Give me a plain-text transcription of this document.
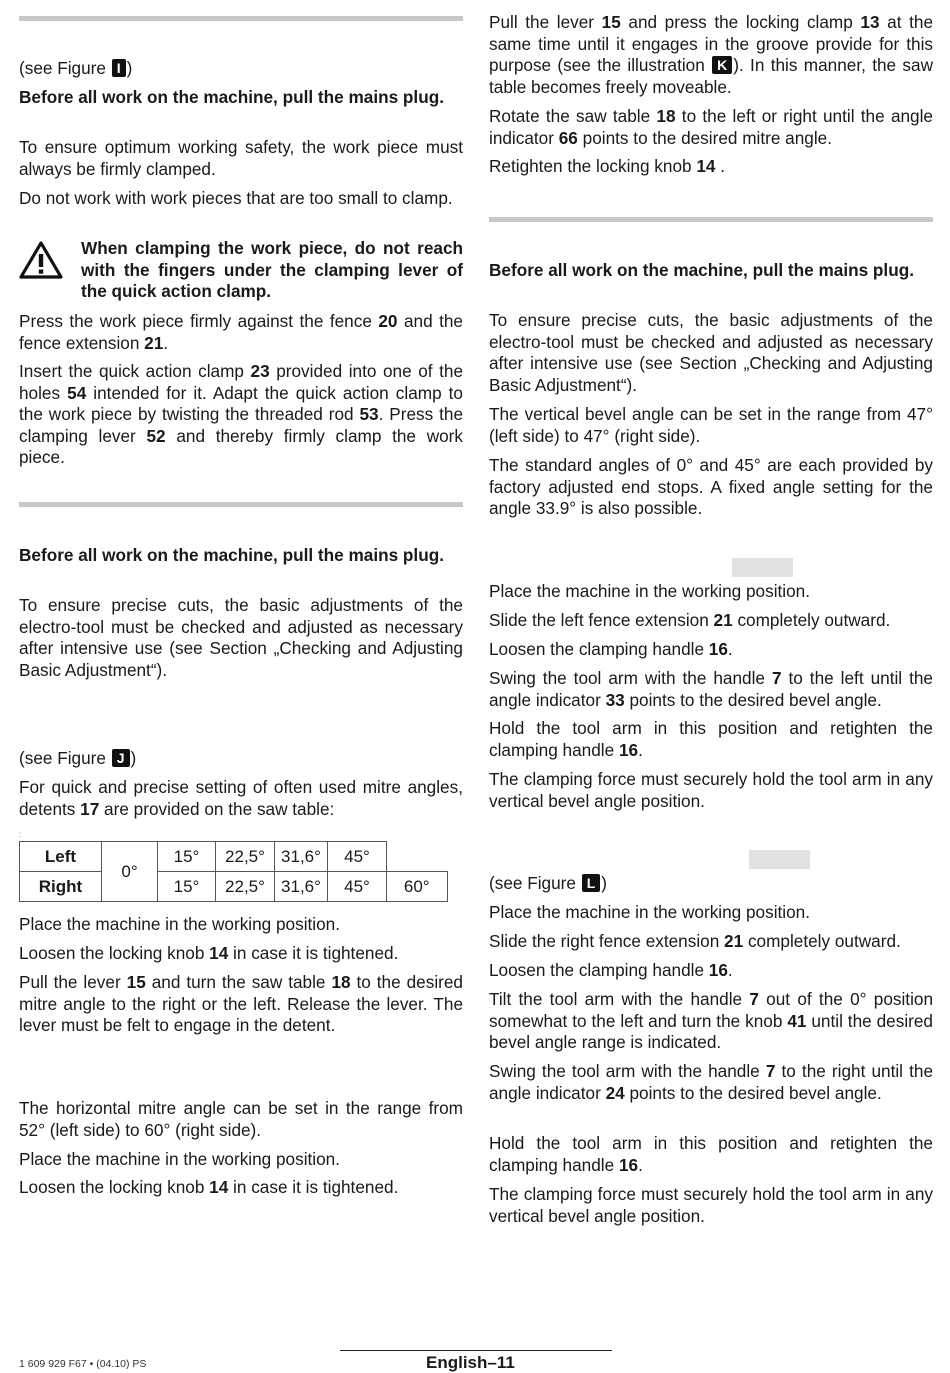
(see Figure I )

Before all work on the machine, pull the mains plug.

To ensure optimum working safety, the work piece must always be firmly clamped.

Do not work with work pieces that are too small to clamp.

When clamping the work piece, do not reach with the fingers under the clamping lever of the quick action clamp.

Press the work piece firmly against the fence 20 and the fence extension 21.

Insert the quick action clamp 23 provided into one of the holes 54 intended for it. Adapt the quick action clamp to the work piece by twisting the threaded rod 53. Press the clamping lever 52 and thereby firmly clamp the work piece.

Before all work on the machine, pull the mains plug.

To ensure precise cuts, the basic adjustments of the electro-tool must be checked and adjusted as necessary after intensive use (see Section „Checking and Adjusting Basic Adjustment“).

(see Figure J )

For quick and precise setting of often used mitre angles, detents 17 are provided on the saw table:

:
Left	0°	15°	22,5°	31,6°	45°	
Right		15°	22,5°	31,6°	45°	60°

Place the machine in the working position.

Loosen the locking knob 14 in case it is tightened.

Pull the lever 15 and turn the saw table 18 to the desired mitre angle to the right or the left. Release the lever. The lever must be felt to engage in the detent.

The horizontal mitre angle can be set in the range from 52° (left side) to 60° (right side).

Place the machine in the working position.

Loosen the locking knob 14 in case it is tightened.

Pull the lever 15 and press the locking clamp 13 at the same time until it engages in the groove provide for this purpose (see the illustration K ). In this manner, the saw table becomes freely moveable.

Rotate the saw table 18 to the left or right until the angle indicator 66 points to the desired mitre angle.

Retighten the locking knob 14 .

Before all work on the machine, pull the mains plug.

To ensure precise cuts, the basic adjustments of the electro-tool must be checked and adjusted as necessary after intensive use (see Section „Checking and Adjusting Basic Adjustment“).

The vertical bevel angle can be set in the range from 47° (left side) to 47° (right side).

The standard angles of 0° and 45° are each provided by factory adjusted end stops. A fixed angle setting for the angle 33.9° is also possible.

Place the machine in the working position.

Slide the left fence extension 21 completely outward.

Loosen the clamping handle 16.

Swing the tool arm with the handle 7 to the left until the angle indicator 33 points to the desired bevel angle.

Hold the tool arm in this position and retighten the clamping handle 16.

The clamping force must securely hold the tool arm in any vertical bevel angle position.

(see Figure L )

Place the machine in the working position.

Slide the right fence extension 21 completely outward.

Loosen the clamping handle 16.

Tilt the tool arm with the handle 7 out of the 0° position somewhat to the left and turn the knob 41 until the desired bevel angle range is indicated.

Swing the tool arm with the handle 7 to the right until the angle indicator 24 points to the desired bevel angle.

Hold the tool arm in this position and retighten the clamping handle 16.

The clamping force must securely hold the tool arm in any vertical bevel angle position.

1 609 929 F67 • (04.10) PS	English–11
